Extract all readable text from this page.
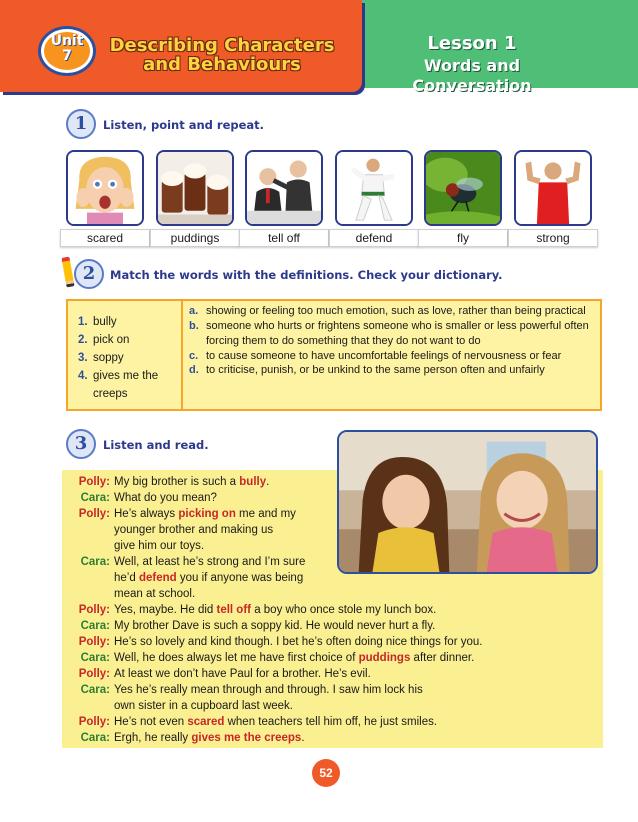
Unit
7	Describing Characters
and Behaviours
Lesson 1
Words and Conversation
1	Listen, point and repeat.
scared	puddings	tell off	defend	fly	strong
2	Match the words with the definitions. Check your dictionary.
1. bully
2. pick on
3. soppy
4. gives me the creeps
a. showing or feeling too much emotion, such as love, rather than being practical
b. someone who hurts or frightens someone who is smaller or less powerful often forcing them to do something that they do not want to do
c. to cause someone to have uncomfortable feelings of nervousness or fear
d. to criticise, punish, or be unkind to the same person often and unfairly
3	Listen and read.
Polly: My big brother is such a bully.
Cara: What do you mean?
Polly: He’s always picking on me and my
younger brother and making us
give him our toys.
Cara: Well, at least he’s strong and I’m sure
he’d defend you if anyone was being
mean at school.
Polly: Yes, maybe. He did tell off a boy who once stole my lunch box.
Cara: My brother Dave is such a soppy kid. He would never hurt a fly.
Polly: He’s so lovely and kind though. I bet he’s often doing nice things for you.
Cara: Well, he does always let me have first choice of puddings after dinner.
Polly: At least we don’t have Paul for a brother. He’s evil.
Cara: Yes he’s really mean through and through. I saw him lock his
own sister in a cupboard last week.
Polly: He’s not even scared when teachers tell him off, he just smiles.
Cara: Ergh, he really gives me the creeps.
52
